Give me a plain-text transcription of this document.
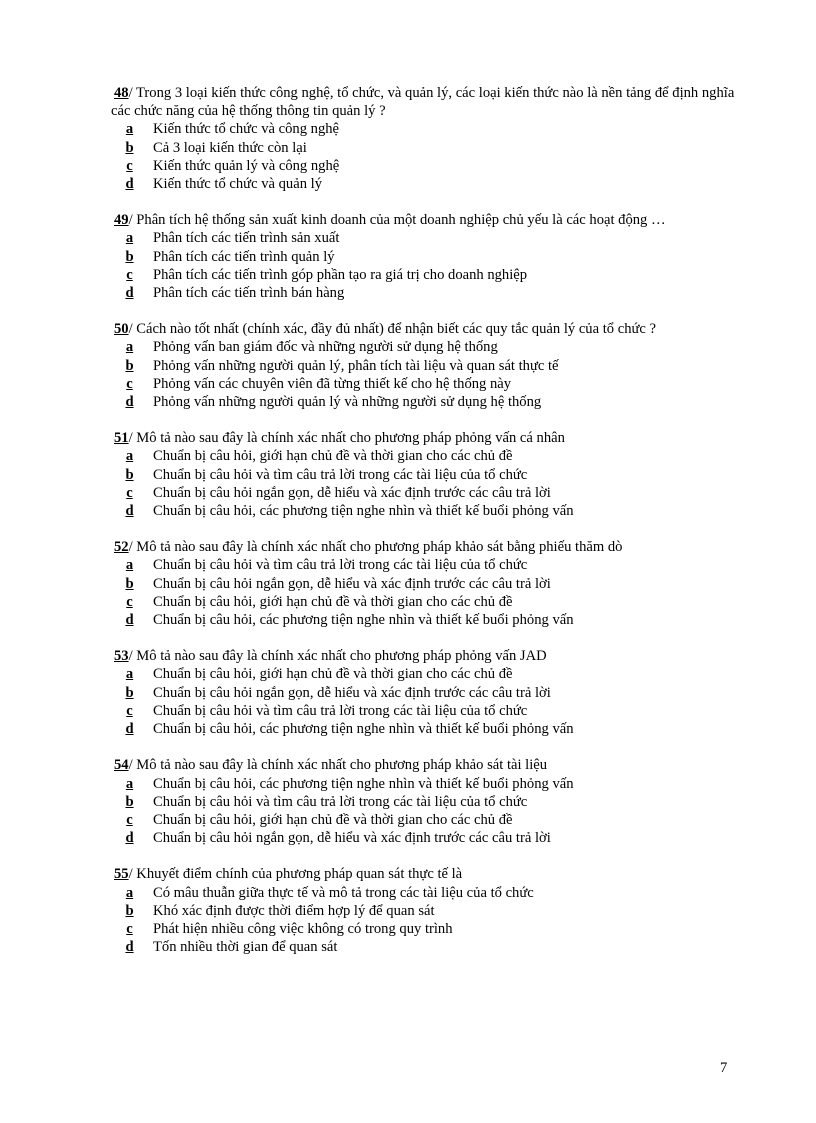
48/ Trong 3 loại kiến thức công nghệ, tổ chức, và quản lý, các loại kiến thức nào là nền tảng để định nghĩa

các chức năng của hệ thống thông tin quản lý ?

a	Kiến thức tổ chức và công nghệ
b	Cả 3 loại kiến thức còn lại
c	Kiến thức quản lý và công nghệ
d	Kiến thức tổ chức và quản lý

49/ Phân tích hệ thống sản xuất kinh doanh của một doanh nghiệp chủ yếu là các hoạt động …

a	Phân tích các tiến trình sản xuất
b	Phân tích các tiến trình quản lý
c	Phân tích các tiến trình góp phần tạo ra giá trị cho doanh nghiệp
d	Phân tích các tiến trình bán hàng

50/ Cách nào tốt nhất (chính xác, đầy đủ nhất) để nhận biết các quy tắc quản lý của tổ chức ?

a	Phỏng vấn ban giám đốc và những người sử dụng hệ thống
b	Phỏng vấn những người quản lý, phân tích tài liệu và quan sát thực tế
c	Phỏng vấn các chuyên viên đã từng thiết kế cho hệ thống này
d	Phỏng vấn những người quản lý và những người sử dụng hệ thống

51/ Mô tả nào sau đây là chính xác nhất cho phương pháp phỏng vấn cá nhân

a	Chuẩn bị câu hỏi, giới hạn chủ đề và thời gian cho các chủ đề
b	Chuẩn bị câu hỏi và tìm câu trả lời trong các tài liệu của tổ chức
c	Chuẩn bị câu hỏi ngắn gọn, dễ hiểu và xác định trước các câu trả lời
d	Chuẩn bị câu hỏi, các phương tiện nghe nhìn và thiết kế buổi phỏng vấn

52/ Mô tả nào sau đây là chính xác nhất cho phương pháp khảo sát bằng phiếu thăm dò

a	Chuẩn bị câu hỏi và tìm câu trả lời trong các tài liệu của tổ chức
b	Chuẩn bị câu hỏi ngắn gọn, dễ hiểu và xác định trước các câu trả lời
c	Chuẩn bị câu hỏi, giới hạn chủ đề và thời gian cho các chủ đề
d	Chuẩn bị câu hỏi, các phương tiện nghe nhìn và thiết kế buổi phỏng vấn

53/ Mô tả nào sau đây là chính xác nhất cho phương pháp phỏng vấn JAD

a	Chuẩn bị câu hỏi, giới hạn chủ đề và thời gian cho các chủ đề
b	Chuẩn bị câu hỏi ngắn gọn, dễ hiểu và xác định trước các câu trả lời
c	Chuẩn bị câu hỏi và tìm câu trả lời trong các tài liệu của tổ chức
d	Chuẩn bị câu hỏi, các phương tiện nghe nhìn và thiết kế buổi phỏng vấn

54/ Mô tả nào sau đây là chính xác nhất cho phương pháp khảo sát tài liệu

a	Chuẩn bị câu hỏi, các phương tiện nghe nhìn và thiết kế buổi phỏng vấn
b	Chuẩn bị câu hỏi và tìm câu trả lời trong các tài liệu của tổ chức
c	Chuẩn bị câu hỏi, giới hạn chủ đề và thời gian cho các chủ đề
d	Chuẩn bị câu hỏi ngắn gọn, dễ hiểu và xác định trước các câu trả lời

55/ Khuyết điểm chính của phương pháp quan sát thực tế là

a	Có mâu thuẫn giữa thực tế và mô tả trong các tài liệu của tổ chức
b	Khó xác định được thời điểm hợp lý để quan sát
c	Phát hiện nhiều công việc không có trong quy trình
d	Tốn nhiều thời gian để quan sát
7
